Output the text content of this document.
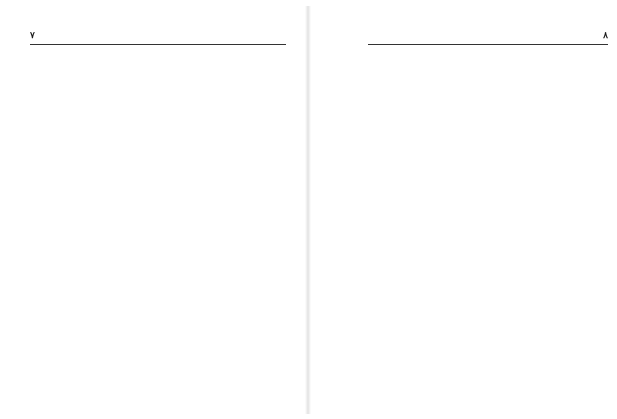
۷	۸
